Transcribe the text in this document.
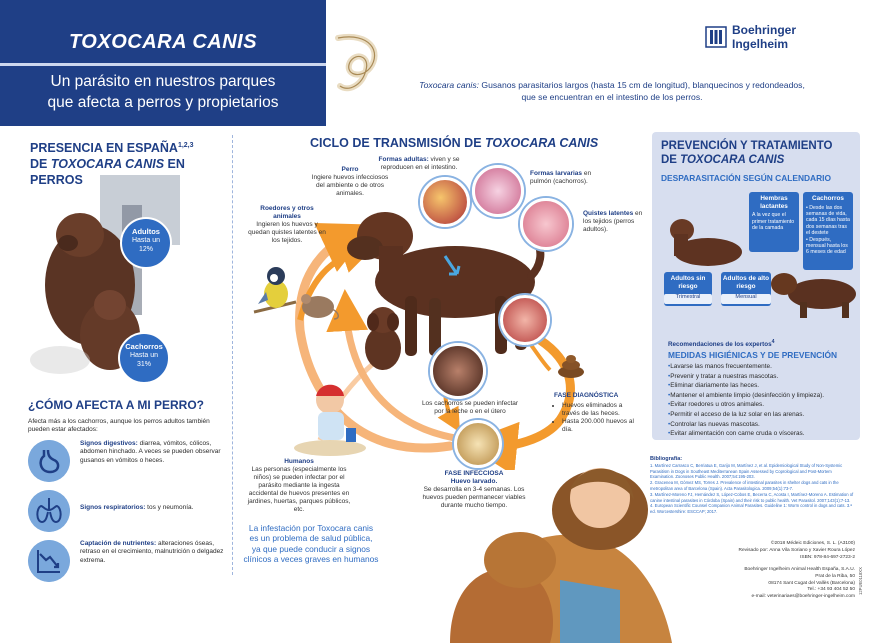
TOXOCARA CANIS
Un parásito en nuestros parques
que afecta a perros y propietarios
Boehringer
Ingelheim
Toxocara canis: Gusanos parasitarios largos (hasta 15 cm de longitud), blanquecinos y redondeados,
que se encuentran en el intestino de los perros.
PRESENCIA EN ESPAÑA$^{1,2,3}$
DE TOXOCARA CANIS EN PERROS
Adultos
Hasta un
12%
Cachorros
Hasta un
31%
¿CÓMO AFECTA A MI PERRO?
Afecta más a los cachorros, aunque los perros adultos también pueden estar afectados:
Signos digestivos: diarrea, vómitos, cólicos, abdomen hinchado. A veces se pueden observar gusanos en vómitos o heces.
Signos respiratorios: tos y neumonía.
Captación de nutrientes: alteraciones óseas, retraso en el crecimiento, malnutrición o delgadez extrema.
CICLO DE TRANSMISIÓN DE TOXOCARA CANIS
Perro
Ingiere huevos infecciosos del ambiente o de otros animales.
Formas adultas: viven y se reproducen en el intestino.
Formas larvarias en pulmón (cachorros).
Quistes latentes en los tejidos (perros adultos).
Roedores y otros animales
Ingieren los huevos y quedan quistes latentes en los tejidos.
Los cachorros se pueden infectar por la leche o en el útero
Humanos
Las personas (especialmente los niños) se pueden infectar por el parásito mediante la ingesta accidental de huevos presentes en jardines, huertas, parques públicos, etc.
FASE INFECCIOSA
Huevo larvado.
Se desarrolla en 3-4 semanas. Los huevos pueden permanecer viables durante mucho tiempo.
FASE DIAGNÓSTICA
• Huevos eliminados a través de las heces.
• Hasta 200.000 huevos al día.
La infestación por Toxocara canis
es un problema de salud pública,
ya que puede conducir a signos
clínicos a veces graves en humanos
PREVENCIÓN Y TRATAMIENTO
DE TOXOCARA CANIS
DESPARASITACIÓN SEGÚN CALENDARIO
Hembras lactantes
A la vez que el primer tratamiento de la camada
Cachorros
• Desde las dos semanas de vida, cada 15 días hasta dos semanas tras el destete
• Después, mensual hasta los 6 meses de edad
Adultos sin riesgo
Adultos de alto riesgo
Trimestral	Mensual
Recomendaciones de los expertos$^4$
MEDIDAS HIGIÉNICAS Y DE PREVENCIÓN
• Lavarse las manos frecuentemente.
• Prevenir y tratar a nuestras mascotas.
• Eliminar diariamente las heces.
• Mantener el ambiente limpio (desinfección y limpieza).
• Evitar roedores u otros animales.
• Permitir el acceso de la luz solar en las arenas.
• Controlar las nuevas mascotas.
• Evitar alimentación con carne cruda o vísceras.
Bibliografía:
1. Martínez Carrasco C, Berriatua E, Garijo M, Martínez J, et al. Epidemiological Study of Non-Systemic Parasitism in Dogs in Southeast Mediterranean Spain Assessed by Coprological and Post-Mortem Examination. Zoonoses Public Health. 2007;54:195-203.
2. Gracenea M, Gómez MS, Torres J. Prevalence of intestinal parasites in shelter dogs and cats in the metropolitan area of Barcelona (Spain). Acta Parasitologica. 2009;54(1):73-7.
3. Martínez-Moreno FJ, Hernández S, López-Cobos E, Becerra C, Acosta I, Martínez-Moreno A. Estimation of canine intestinal parasites in Córdoba (Spain) and their risk to public health. Vet Parasitol. 2007;143(1):7-13.
4. European Scientific Counsel Companion Animal Parasites. Guideline 1: Worm control in dogs and cats. 3.ª ed. Worcestershire: ESCCAP; 2017.
©2018 Médeic Ediciones, S. L. (A3100)
Revisado por: Anna Vila Soriano y Xavier Roura López
ISBN: 978-84-697-2723-2
Boehringer Ingelheim Animal Health España, S.A.U.
Prat de la Riba, 50
08174 Sant Cugat del Vallès (Barcelona)
Tel.: +34 93 404 52 50
e-mail: veterinariaes@boehringer-ingelheim.com
12PUE0118XX
